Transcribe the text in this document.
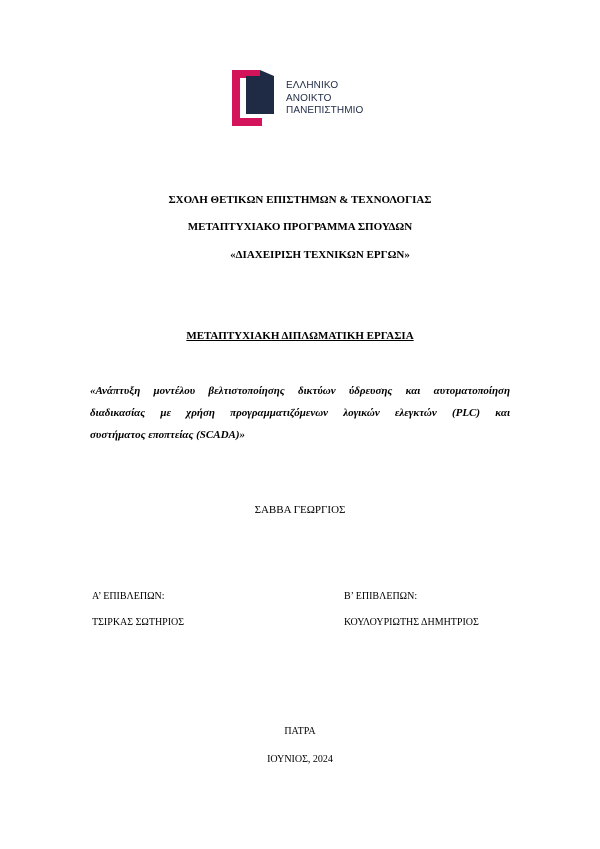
ΕΛΛΗΝΙΚΟ
ΑΝΟΙΚΤΟ
ΠΑΝΕΠΙΣΤΗΜΙΟ
ΣΧΟΛΗ ΘΕΤΙΚΩΝ ΕΠΙΣΤΗΜΩΝ & ΤΕΧΝΟΛΟΓΙΑΣ
ΜΕΤΑΠΤΥΧΙΑΚΟ ΠΡΟΓΡΑΜΜΑ ΣΠΟΥΔΩΝ
«ΔΙΑΧΕΙΡΙΣΗ ΤΕΧΝΙΚΩΝ ΕΡΓΩΝ»
ΜΕΤΑΠΤΥΧΙΑΚΗ ΔΙΠΛΩΜΑΤΙΚΗ ΕΡΓΑΣΙΑ
«Ανάπτυξη μοντέλου βελτιστοποίησης δικτύων ύδρευσης και αυτοματοποίηση
διαδικασίας με χρήση προγραμματιζόμενων λογικών ελεγκτών (PLC) και
συστήματος εποπτείας (SCADA)»
ΣΑΒΒΑ ΓΕΩΡΓΙΟΣ
Α’ ΕΠΙΒΛΕΠΩΝ:
ΤΣΙΡΚΑΣ ΣΩΤΗΡΙΟΣ
Β’ ΕΠΙΒΛΕΠΩΝ:
ΚΟΥΛΟΥΡΙΩΤΗΣ ΔΗΜΗΤΡΙΟΣ
ΠΑΤΡΑ
ΙΟΥΝΙΟΣ, 2024
